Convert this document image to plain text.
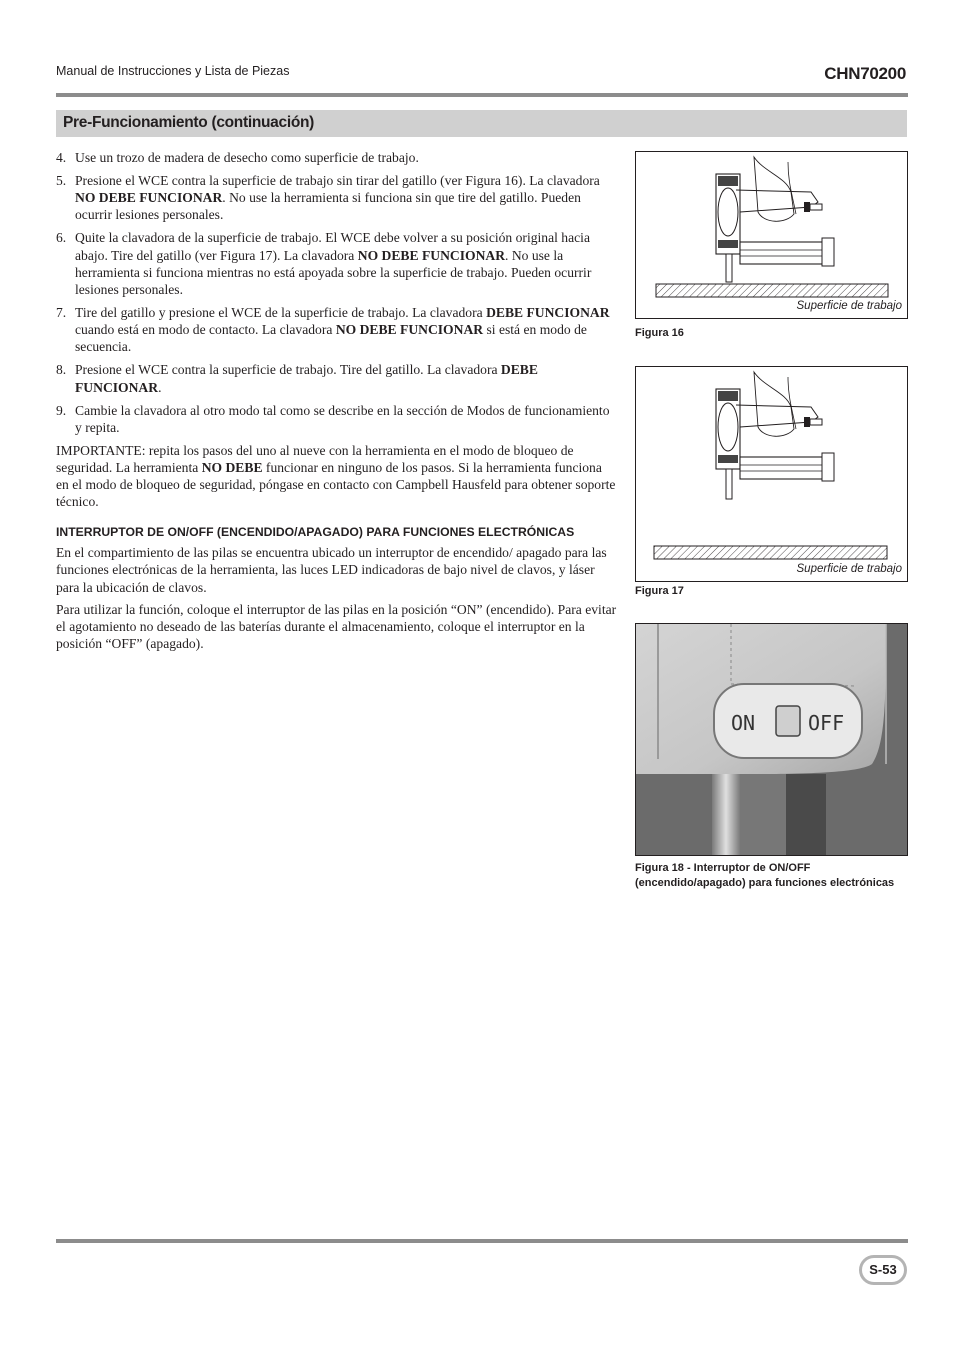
Manual de Instrucciones y Lista de Piezas	CHN70200
Pre-Funcionamiento (continuación)
4. Use un trozo de madera de desecho como superficie de trabajo.
5. Presione el WCE contra la superficie de trabajo sin tirar del gatillo (ver Figura 16). La clavadora NO DEBE FUNCIONAR. No use la herramienta si funciona sin que tire del gatillo. Pueden ocurrir lesiones personales.
6. Quite la clavadora de la superficie de trabajo. El WCE debe volver a su posición original hacia abajo. Tire del gatillo (ver Figura 17). La clavadora NO DEBE FUNCIONAR. No use la herramienta si funciona mientras no está apoyada sobre la superficie de trabajo. Pueden ocurrir lesiones personales.
7. Tire del gatillo y presione el WCE de la superficie de trabajo. La clavadora DEBE FUNCIONAR cuando está en modo de contacto. La clavadora NO DEBE FUNCIONAR si está en modo de secuencia.
8. Presione el WCE contra la superficie de trabajo. Tire del gatillo. La clavadora DEBE FUNCIONAR.
9. Cambie la clavadora al otro modo tal como se describe en la sección de Modos de funcionamiento y repita.

IMPORTANTE: repita los pasos del uno al nueve con la herramienta en el modo de bloqueo de seguridad. La herramienta NO DEBE funcionar en ninguno de los pasos. Si la herramienta funciona en el modo de bloqueo de seguridad, póngase en contacto con Campbell Hausfeld para obtener soporte técnico.

INTERRUPTOR DE ON/OFF (ENCENDIDO/APAGADO) PARA FUNCIONES ELECTRÓNICAS

En el compartimiento de las pilas se encuentra ubicado un interruptor de encendido/ apagado para las funciones electrónicas de la herramienta, las luces LED indicadoras de bajo nivel de clavos, y láser para la ubicación de clavos.

Para utilizar la función, coloque el interruptor de las pilas en la posición “ON” (encendido). Para evitar el agotamiento no deseado de las baterías durante el almacenamiento, coloque el interruptor en la posición “OFF” (apagado).

Superficie de trabajo
Figura 16
Superficie de trabajo
Figura 17
ON	OFF
Figura 18 - Interruptor de ON/OFF (encendido/apagado) para funciones electrónicas
S-53
